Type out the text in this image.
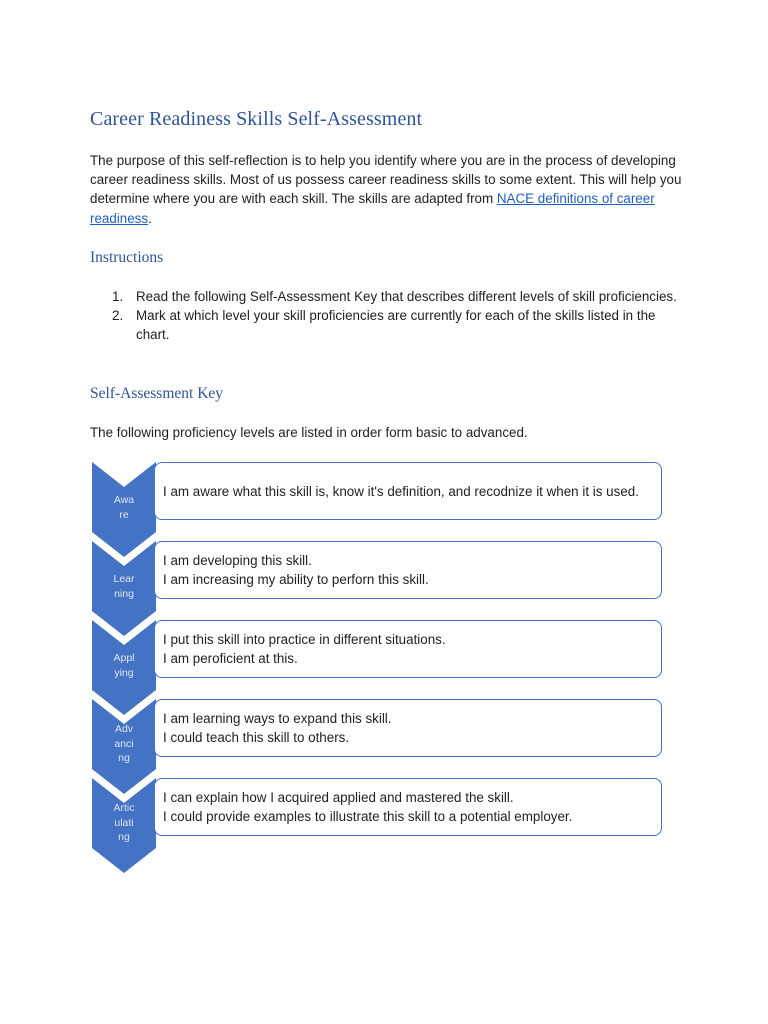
Career Readiness Skills Self-Assessment

The purpose of this self-reflection is to help you identify where you are in the process of developing career readiness skills. Most of us possess career readiness skills to some extent. This will help you determine where you are with each skill. The skills are adapted from NACE definitions of career readiness.

Instructions
1. Read the following Self-Assessment Key that describes different levels of skill proficiencies.
2. Mark at which level your skill proficiencies are currently for each of the skills listed in the chart.
Self-Assessment Key

The following proficiency levels are listed in order form basic to advanced.

Awa
re
I am aware what this skill is, know it's definition, and recodnize it when it is used.
Lear
ning
I am developing this skill.
I am increasing my ability to perforn this skill.
Appl
ying
I put this skill into practice in different situations.
I am peroficient at this.
Adv
anci
ng
I am learning ways to expand this skill.
I could teach this skill to others.
Artic
ulati
ng
I can explain how I acquired applied and mastered the skill.
I could provide examples to illustrate this skill to a potential employer.
